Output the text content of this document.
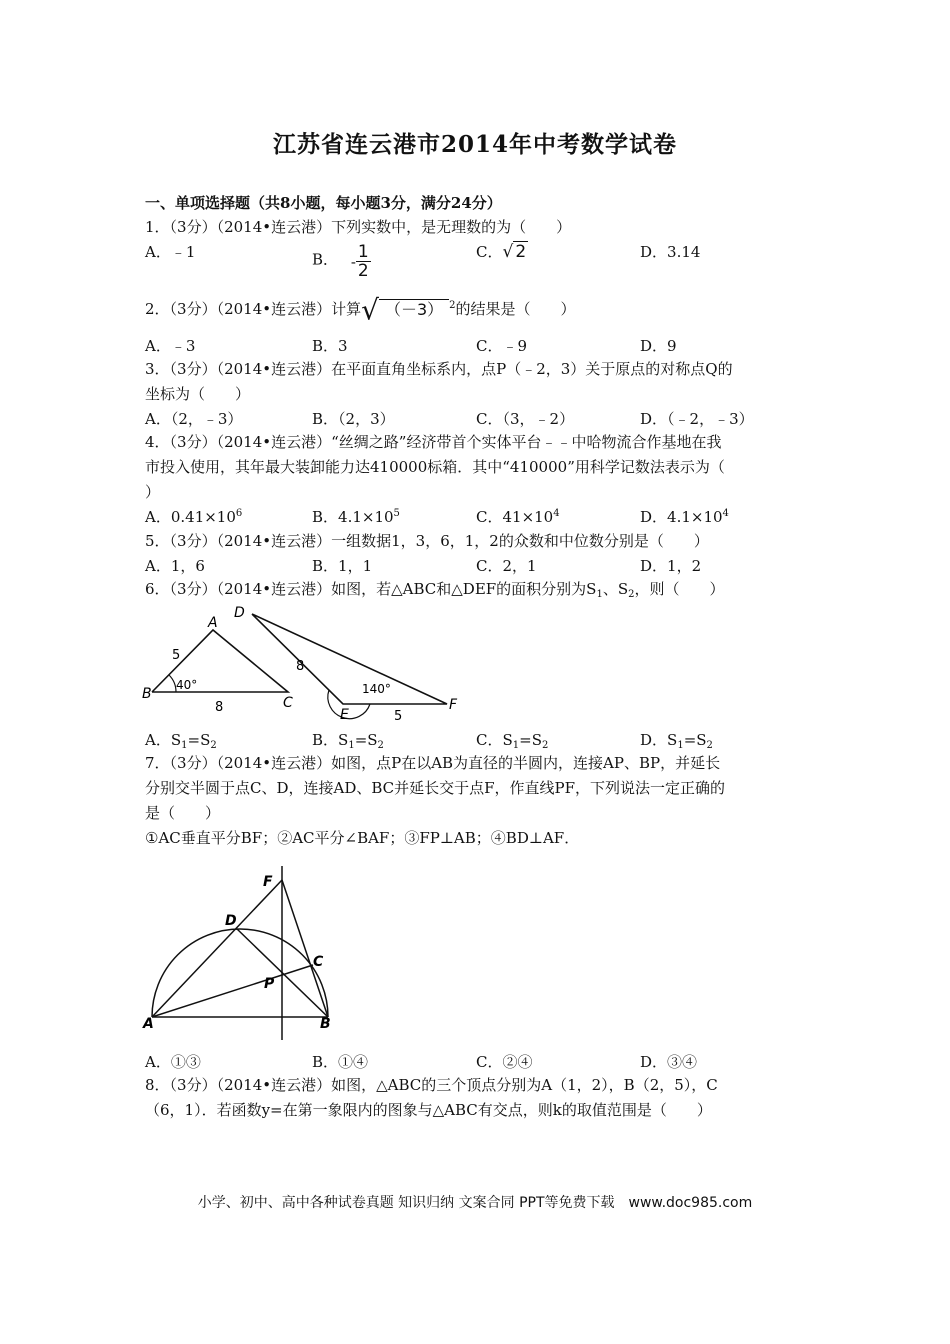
江苏省连云港市2014年中考数学试卷
一、单项选择题（共8小题，每小题3分，满分24分）
1．（3分）（2014•连云港）下列实数中，是无理数的为（　　）
A．﹣1	B． - $\frac{1}{2}$	C．√ 2	D．3.14
2．（3分）（2014•连云港）计算√ （－3） $^2$的结果是（　　）
A．﹣3	B．3	C．﹣9	D．9
3．（3分）（2014•连云港）在平面直角坐标系内，点P（﹣2，3）关于原点的对称点Q的
坐标为（　　）
A．（2，﹣3）	B．（2，3）	C．（3，﹣2）	D．（﹣2，﹣3）
4．（3分）（2014•连云港）“丝绸之路”经济带首个实体平台﹣﹣中哈物流合作基地在我
市投入使用，其年最大装卸能力达410000标箱．其中“410000”用科学记数法表示为（
）
A．$0.41\times 10^6$	B．$4.1\times 10^5$	C．$41\times 10^4$	D．$4.1\times 10^4$
5．（3分）（2014•连云港）一组数据1，3，6，1，2的众数和中位数分别是（　　）
A．1，6	B．1，1	C．2，1	D．1，2
6．（3分）（2014•连云港）如图，若△ABC和△DEF的面积分别为$S_1$、$S_2$，则（　　）
A
B
C
5
40°
8
D
E
F
8
140°
5
A．$S_1=S_2$	B．$S_1=S_2$	C．$S_1=S_2$	D．$S_1=S_2$
7．（3分）（2014•连云港）如图，点P在以AB为直径的半圆内，连接AP、BP，并延长
分别交半圆于点C、D，连接AD、BC并延长交于点F，作直线PF，下列说法一定正确的
是（　　）
①AC垂直平分BF；②AC平分∠BAF；③FP⊥AB；④BD⊥AF．
F
D
C
P
A	B
A．①③	B．①④	C．②④	D．③④
8．（3分）（2014•连云港）如图，△ABC的三个顶点分别为A（1，2），B（2，5），C
（6，1）．若函数y=在第一象限内的图象与△ABC有交点，则k的取值范围是（　　）
小学、初中、高中各种试卷真题 知识归纳 文案合同 PPT等免费下载　www.doc985.com
